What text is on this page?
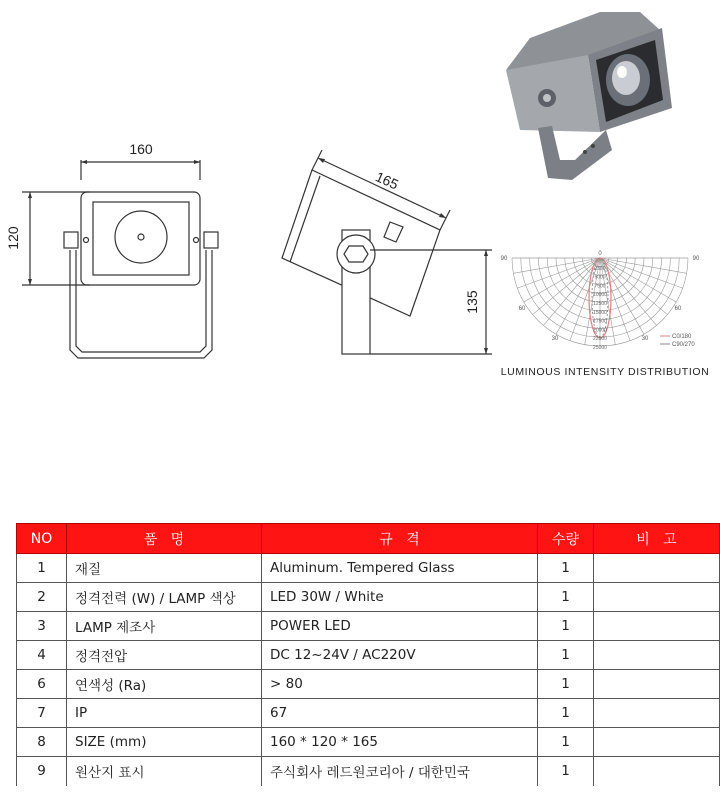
160
120
165
135
2500
5000
7500
10000
12500
15000
17500
20000
22500
25000
90
0
90
60	60
30	30	C0/180
C90/270
LUMINOUS INTENSITY DISTRIBUTION
NO	품   명	규   격	수량	비   고
1	재질	Aluminum. Tempered Glass	1	
2	정격전력 (W) / LAMP 색상	LED 30W / White	1	
3	LAMP 제조사	POWER LED	1	
4	정격전압	DC 12~24V / AC220V	1	
6	연색성 (Ra)	> 80	1	
7	IP	67	1	
8	SIZE (mm)	160 * 120 * 165	1	
9	원산지 표시	주식회사 레드원코리아 / 대한민국	1	
